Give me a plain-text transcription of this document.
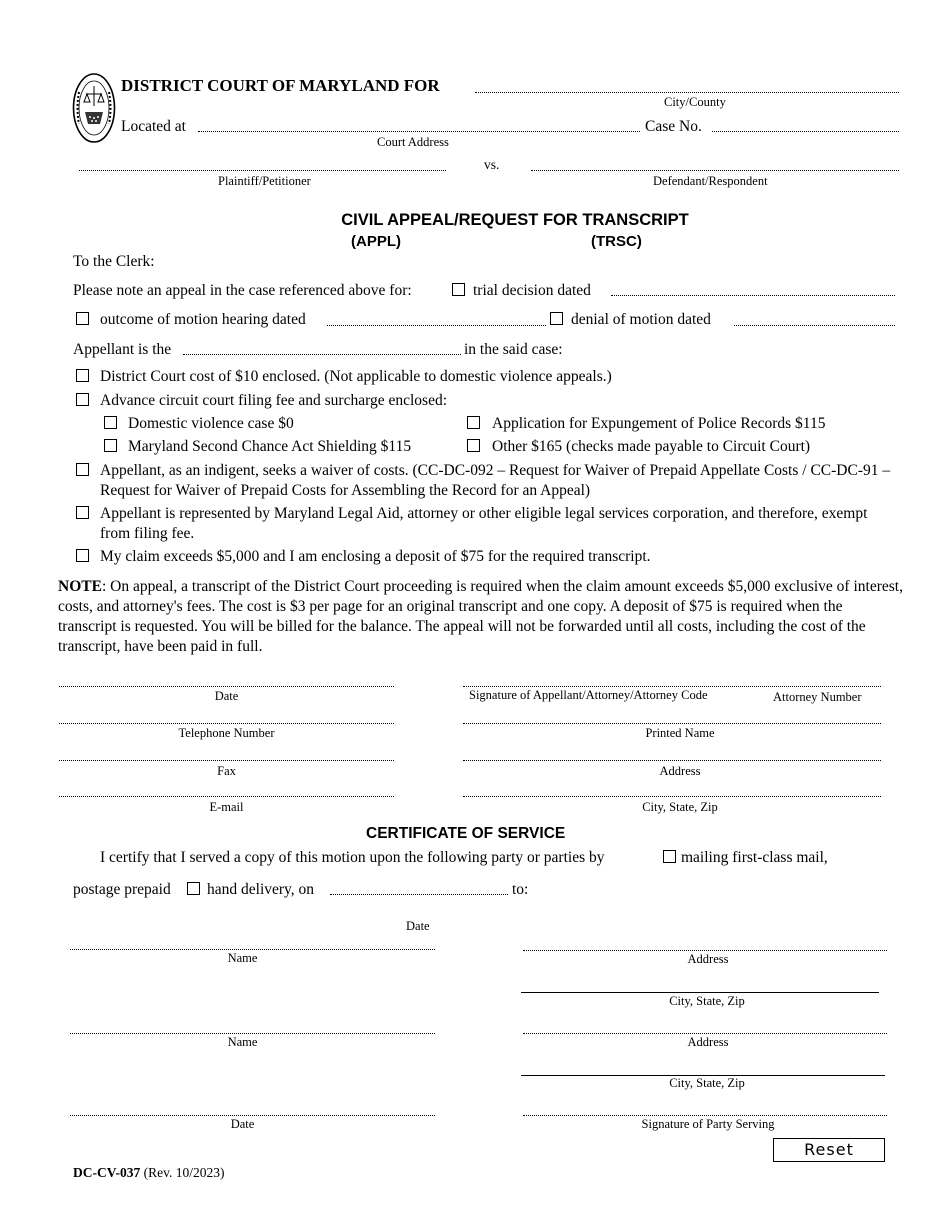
DISTRICT COURT OF MARYLAND FOR
City/County
Located at
Court Address
Case No.
vs.
Plaintiff/Petitioner	Defendant/Respondent
CIVIL APPEAL/REQUEST FOR TRANSCRIPT
(APPL)	(TRSC)
To the Clerk:
Please note an appeal in the case referenced above for:	trial decision dated
outcome of motion hearing dated	denial of motion dated
Appellant is the	in the said case:
District Court cost of $10 enclosed. (Not applicable to domestic violence appeals.)
Advance circuit court filing fee and surcharge enclosed:
Domestic violence case $0	Application for Expungement of Police Records $115
Maryland Second Chance Act Shielding $115	Other $165 (checks made payable to Circuit Court)
Appellant, as an indigent, seeks a waiver of costs. (CC-DC-092 – Request for Waiver of Prepaid Appellate Costs / CC-DC-91 – Request for Waiver of Prepaid Costs for Assembling the Record for an Appeal)
Appellant is represented by Maryland Legal Aid, attorney or other eligible legal services corporation, and therefore, exempt from filing fee.
My claim exceeds $5,000 and I am enclosing a deposit of $75 for the required transcript.
NOTE: On appeal, a transcript of the District Court proceeding is required when the claim amount exceeds $5,000 exclusive of interest, costs, and attorney's fees. The cost is $3 per page for an original transcript and one copy. A deposit of $75 is required when the transcript is requested. You will be billed for the balance. The appeal will not be forwarded until all costs, including the cost of the transcript, have been paid in full.
Date	Signature of Appellant/Attorney/Attorney Code	Attorney Number
Telephone Number	Printed Name
Fax	Address
E-mail	City, State, Zip
CERTIFICATE OF SERVICE
I certify that I served a copy of this motion upon the following party or parties by	mailing first-class mail,
postage prepaid hand delivery, on	to:
Date
Name	Address
City, State, Zip
Name	Address
City, State, Zip
Date	Signature of Party Serving
Reset
DC-CV-037 (Rev. 10/2023)
